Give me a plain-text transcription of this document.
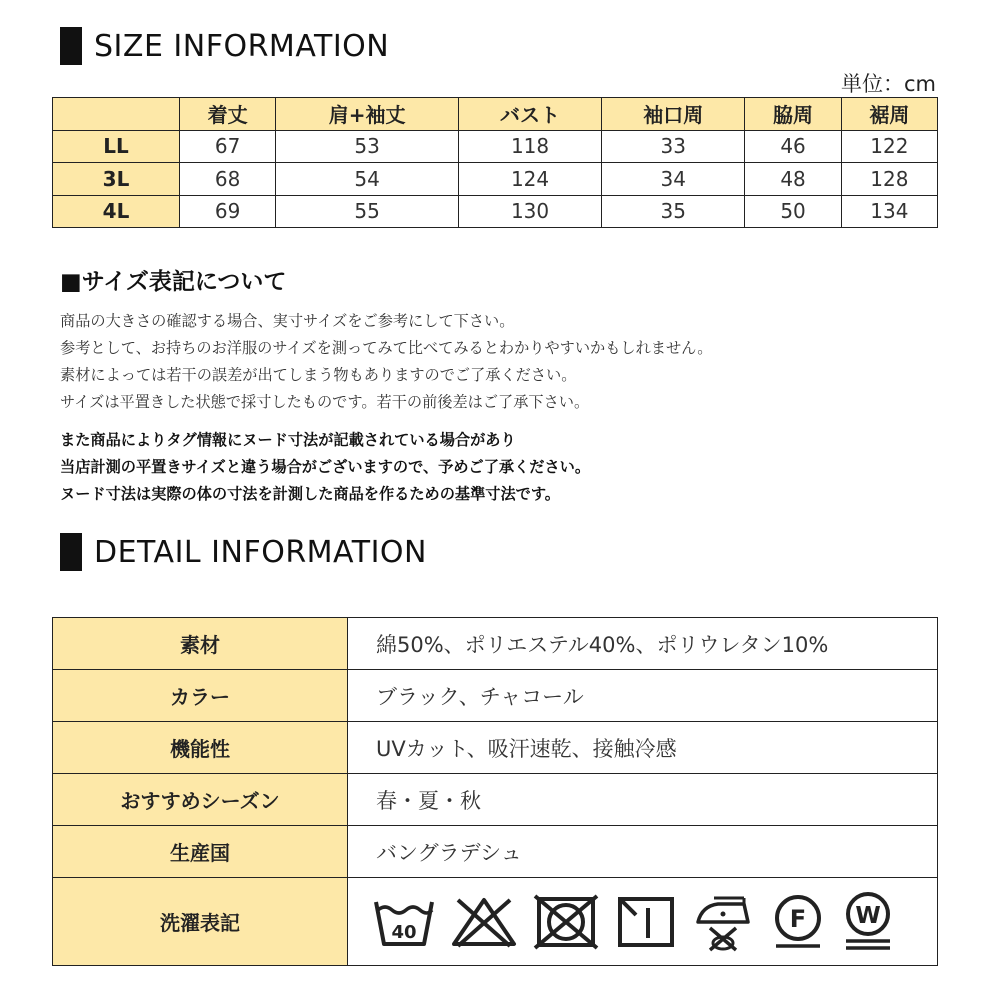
SIZE INFORMATION
単位：cm
	着丈	肩+袖丈	バスト	袖口周	脇周	裾周
LL	67	53	118	33	46	122
3L	68	54	124	34	48	128
4L	69	55	130	35	50	134
■サイズ表記について
商品の大きさの確認する場合、実寸サイズをご参考にして下さい。
参考として、お持ちのお洋服のサイズを測ってみて比べてみるとわかりやすいかもしれません。
素材によっては若干の誤差が出てしまう物もありますのでご了承ください。
サイズは平置きした状態で採寸したものです。若干の前後差はご了承下さい。
また商品によりタグ情報にヌード寸法が記載されている場合があり
当店計測の平置きサイズと違う場合がございますので、予めご了承ください。
ヌード寸法は実際の体の寸法を計測した商品を作るための基準寸法です。
DETAIL INFORMATION
素材	綿50%、ポリエステル40%、ポリウレタン10%
カラー	ブラック、チャコール
機能性	UVカット、吸汗速乾、接触冷感
おすすめシーズン	春・夏・秋
生産国	バングラデシュ
洗濯表記	40 F W
